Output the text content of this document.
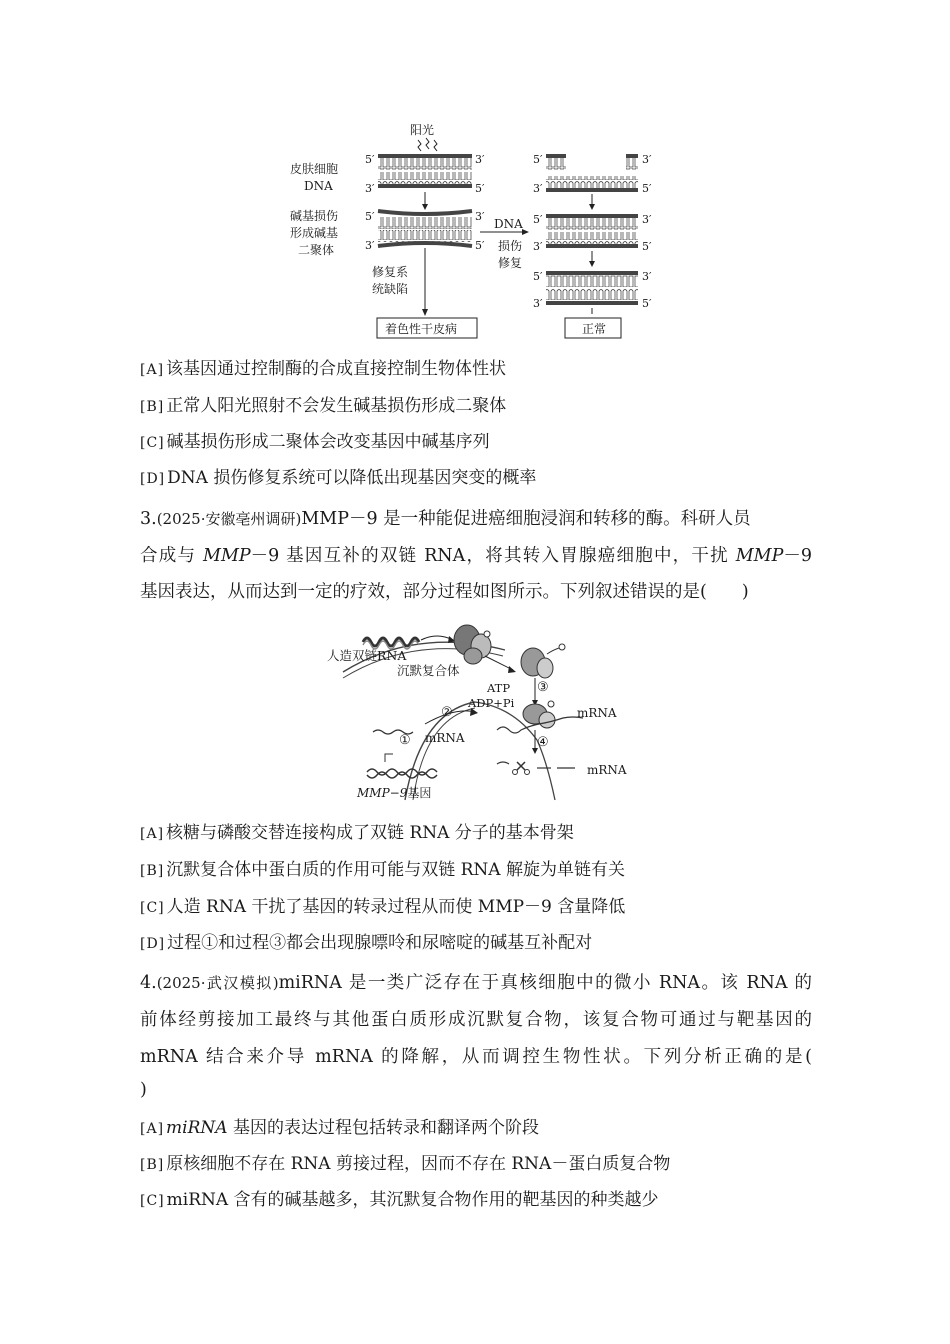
阳光
皮肤细胞
DNA
碱基损伤
形成碱基
二聚体
5′	3′
3′	5′
5′	3′
3′	5′
修复系
统缺陷
着色性干皮病
DNA
损伤
修复
5′	3′
3′	5′
5′	3′
3′	5′
5′	3′
3′	5′
正常
[A] 该基因通过控制酶的合成直接控制生物体性状
[B] 正常人阳光照射不会发生碱基损伤形成二聚体
[C] 碱基损伤形成二聚体会改变基因中碱基序列
[D] DNA 损伤修复系统可以降低出现基因突变的概率
3.(2025·安徽亳州调研)MMP－9 是一种能促进癌细胞浸润和转移的酶。科研人员
合成与 MMP－9 基因互补的双链 RNA，将其转入胃腺癌细胞中，干扰 MMP－9
基因表达，从而达到一定的疗效，部分过程如图所示。下列叙述错误的是(　　)
人造双链RNA
沉默复合体
③
ATP
ADP+Pi
mRNA
④
mRNA
MMP−9基因
① mRNA
②
[A] 核糖与磷酸交替连接构成了双链 RNA 分子的基本骨架
[B] 沉默复合体中蛋白质的作用可能与双链 RNA 解旋为单链有关
[C] 人造 RNA 干扰了基因的转录过程从而使 MMP－9 含量降低
[D] 过程①和过程③都会出现腺嘌呤和尿嘧啶的碱基互补配对
4.(2025·武汉模拟)miRNA 是一类广泛存在于真核细胞中的微小 RNA。该 RNA 的
前体经剪接加工最终与其他蛋白质形成沉默复合物，该复合物可通过与靶基因的
mRNA 结合来介导 mRNA 的降解，从而调控生物性状。下列分析正确的是(
)
[A] miRNA 基因的表达过程包括转录和翻译两个阶段
[B] 原核细胞不存在 RNA 剪接过程，因而不存在 RNA－蛋白质复合物
[C] miRNA 含有的碱基越多，其沉默复合物作用的靶基因的种类越少
